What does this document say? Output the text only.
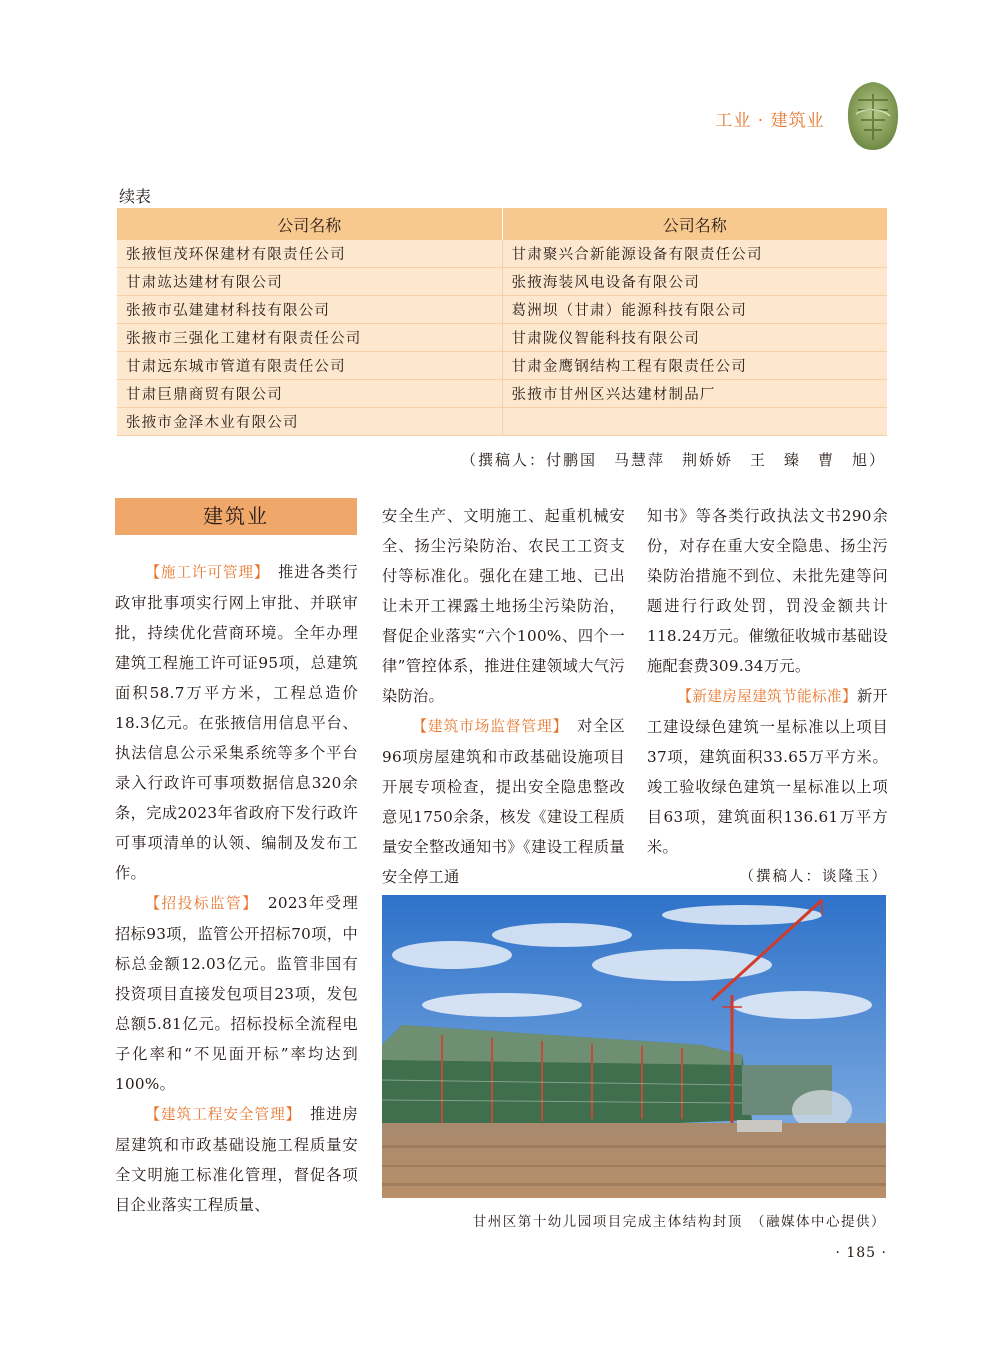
工业 · 建筑业
续表
公司名称	公司名称
张掖恒茂环保建材有限责任公司	甘肃聚兴合新能源设备有限责任公司
甘肃竑达建材有限公司	张掖海装风电设备有限公司
张掖市弘建建材科技有限公司	葛洲坝（甘肃）能源科技有限公司
张掖市三强化工建材有限责任公司	甘肃陇仪智能科技有限公司
甘肃远东城市管道有限责任公司	甘肃金鹰钢结构工程有限责任公司
甘肃巨鼎商贸有限公司	张掖市甘州区兴达建材制品厂
张掖市金泽木业有限公司	
（撰稿人：付鹏国　马慧萍　荆娇娇　王　臻　曹　旭）
建筑业

【施工许可管理】　推进各类行政审批事项实行网上审批、并联审批，持续优化营商环境。全年办理建筑工程施工许可证95项，总建筑面积58.7万平方米，工程总造价18.3亿元。在张掖信用信息平台、执法信息公示采集系统等多个平台录入行政许可事项数据信息320余条，完成2023年省政府下发行政许可事项清单的认领、编制及发布工作。

【招投标监管】　2023年受理招标93项，监管公开招标70项，中标总金额12.03亿元。监管非国有投资项目直接发包项目23项，发包总额5.81亿元。招标投标全流程电子化率和“不见面开标”率均达到100%。

【建筑工程安全管理】　推进房屋建筑和市政基础设施工程质量安全文明施工标准化管理，督促各项目企业落实工程质量、

安全生产、文明施工、起重机械安全、扬尘污染防治、农民工工资支付等标准化。强化在建工地、已出让未开工裸露土地扬尘污染防治，督促企业落实“六个100%、四个一律”管控体系，推进住建领域大气污染防治。

【建筑市场监督管理】　对全区96项房屋建筑和市政基础设施项目开展专项检查，提出安全隐患整改意见1750余条，核发《建设工程质量安全整改通知书》《建设工程质量安全停工通

知书》等各类行政执法文书290余份，对存在重大安全隐患、扬尘污染防治措施不到位、未批先建等问题进行行政处罚，罚没金额共计118.24万元。催缴征收城市基础设施配套费309.34万元。

【新建房屋建筑节能标准】新开工建设绿色建筑一星标准以上项目37项，建筑面积33.65万平方米。竣工验收绿色建筑一星标准以上项目63项，建筑面积136.61万平方米。

（撰稿人：谈隆玉）

甘州区第十幼儿园项目完成主体结构封顶　（融媒体中心提供）
· 185 ·
